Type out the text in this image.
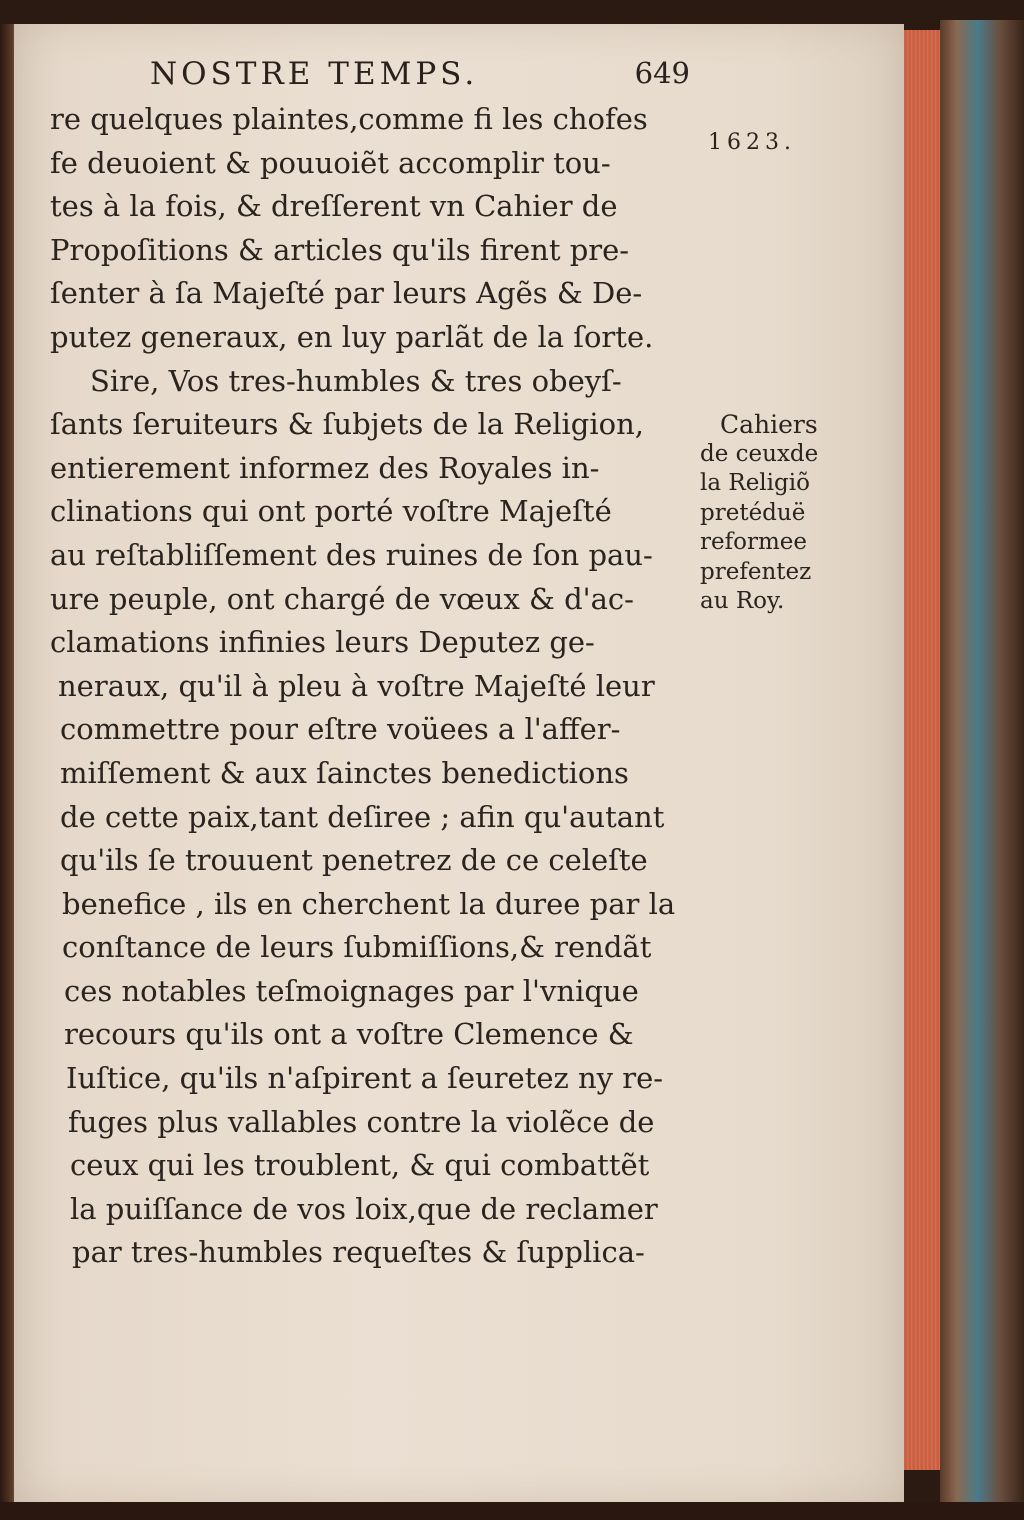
NOSTRE TEMPS.	649
1623.
Cahiers
de ceuxde
la Religiõ
pretéduë
reformee
prefentez
au Roy.
re quelques plaintes,comme fi les chofes
fe deuoient & pouuoiẽt accomplir tou-
tes à la fois, & dreſſerent vn Cahier de
Propoſitions & articles qu'ils firent pre-
ſenter à ſa Majeſté par leurs Agẽs & De-
putez generaux, en luy parlãt de la ſorte.
Sire, Vos tres-humbles & tres obeyſ-
ſants ſeruiteurs & ſubjets de la Religion,
entierement informez des Royales in-
clinations qui ont porté voſtre Majeſté
au reſtabliſſement des ruines de ſon pau-
ure peuple, ont chargé de vœux & d'ac-
clamations infinies leurs Deputez ge-
neraux, qu'il à pleu à voſtre Majeſté leur
commettre pour eſtre voüees a l'affer-
miſſement & aux ſainctes benedictions
de cette paix,tant deſiree ; afin qu'autant
qu'ils ſe trouuent penetrez de ce celeſte
benefice , ils en cherchent la duree par la
conſtance de leurs ſubmiſſions,& rendãt
ces notables teſmoignages par l'vnique
recours qu'ils ont a voſtre Clemence &
Iuſtice, qu'ils n'aſpirent a ſeuretez ny re-
fuges plus vallables contre la violẽce de
ceux qui les troublent, & qui combattẽt
la puiſſance de vos loix,que de reclamer
par tres-humbles requeſtes & ſupplica-
